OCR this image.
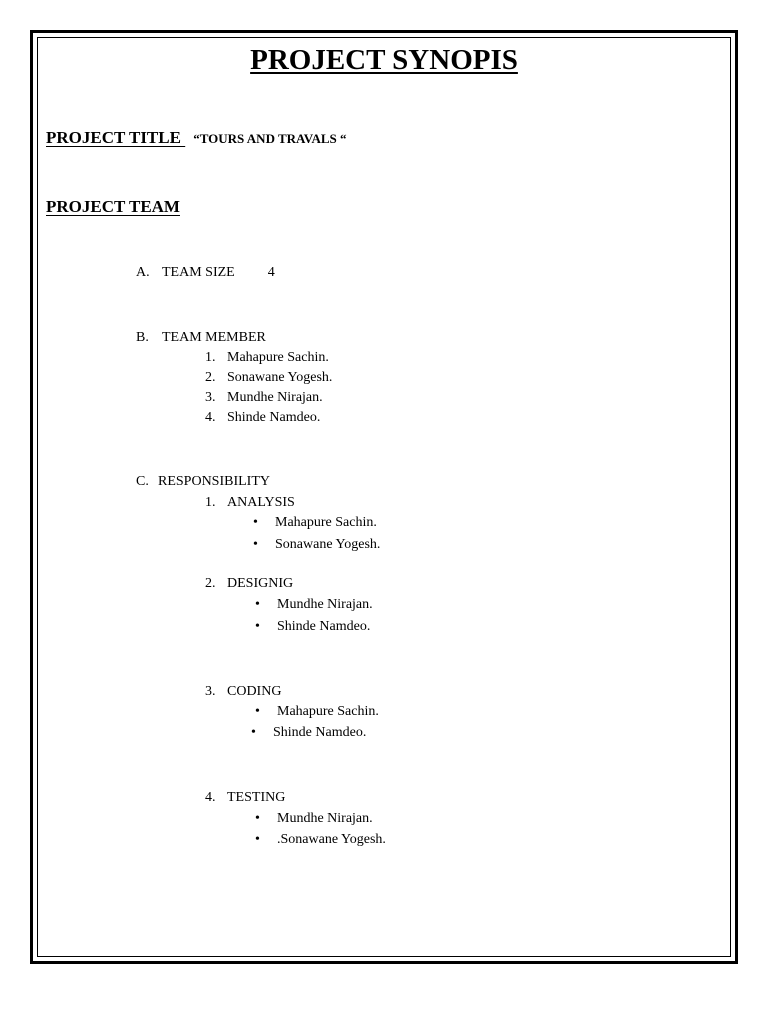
PROJECT SYNOPIS
PROJECT TITLE “TOURS AND TRAVALS “
PROJECT TEAM
A. TEAM SIZE 4
B. TEAM MEMBER
1. Mahapure Sachin.
2. Sonawane Yogesh.
3. Mundhe Nirajan.
4. Shinde Namdeo.
C. RESPONSIBILITY
1. ANALYSIS
• Mahapure Sachin.
• Sonawane Yogesh.
2. DESIGNIG
• Mundhe Nirajan.
• Shinde Namdeo.
3. CODING
• Mahapure Sachin.
• Shinde Namdeo.
4. TESTING
• Mundhe Nirajan.
• .Sonawane Yogesh.
